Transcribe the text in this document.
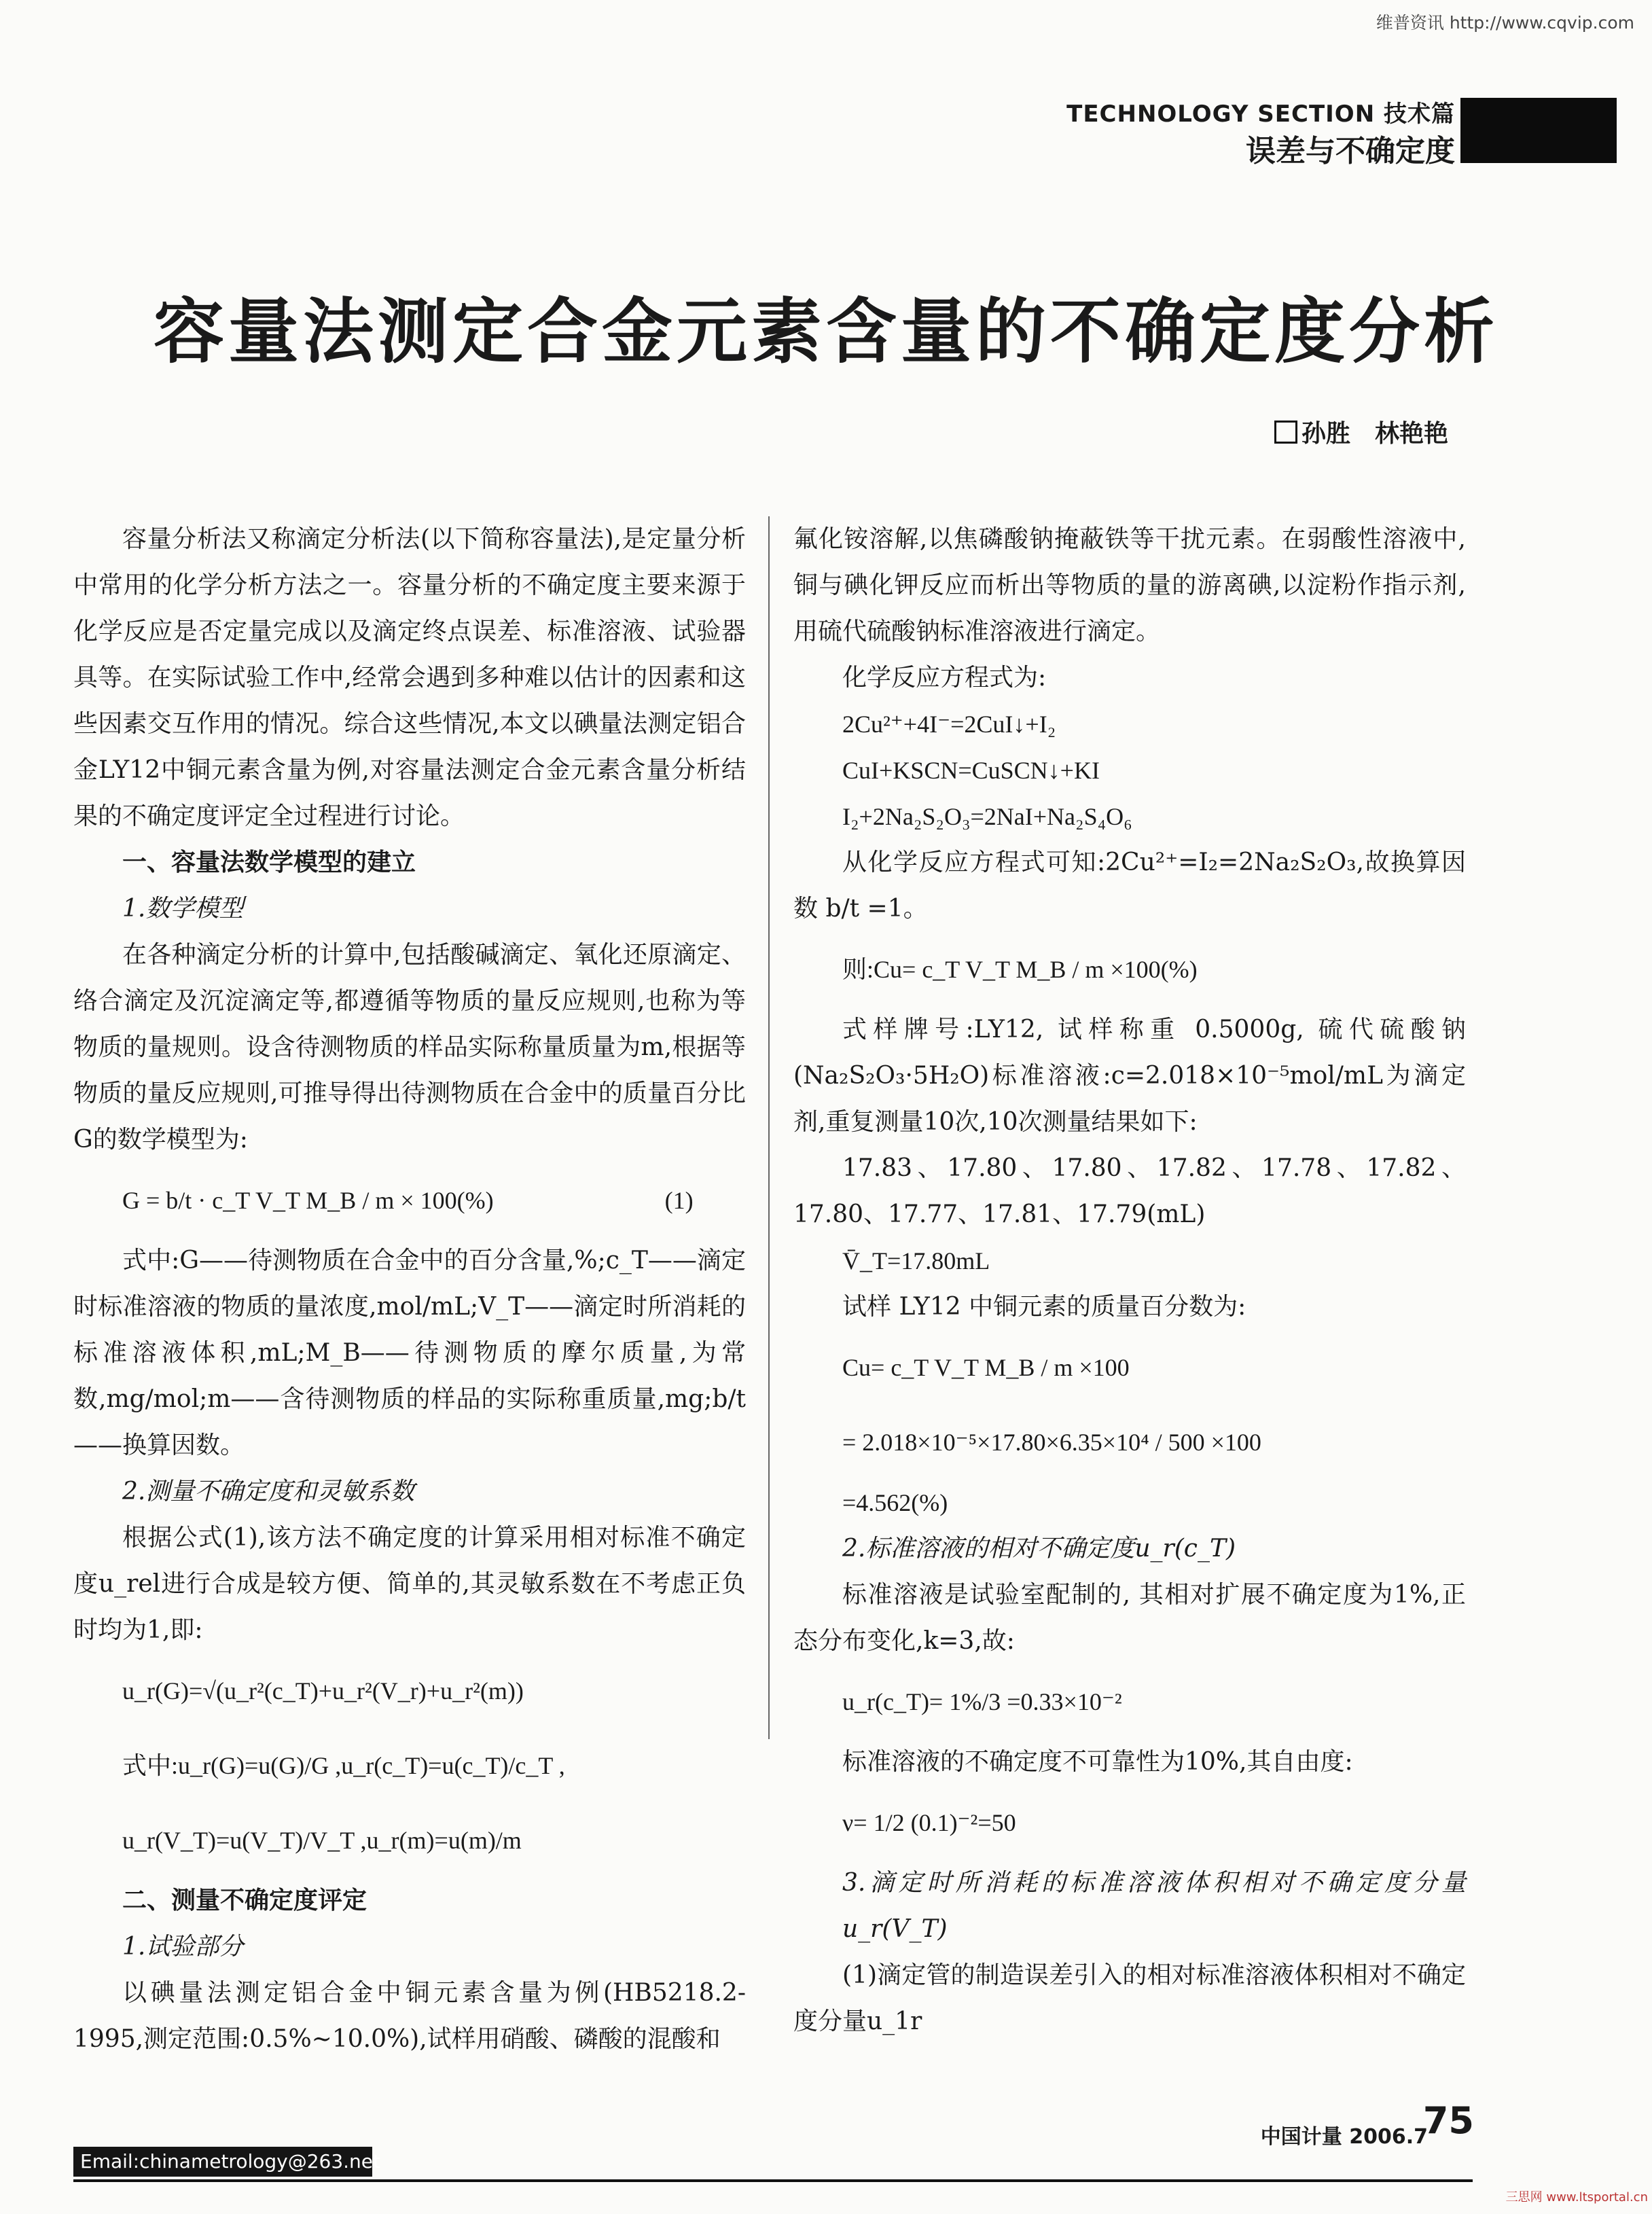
维普资讯 http://www.cqvip.com
TECHNOLOGY SECTION 技术篇
误差与不确定度
容量法测定合金元素含量的不确定度分析
孙胜　林艳艳

容量分析法又称滴定分析法(以下简称容量法),是定量分析中常用的化学分析方法之一。容量分析的不确定度主要来源于化学反应是否定量完成以及滴定终点误差、标准溶液、试验器具等。在实际试验工作中,经常会遇到多种难以估计的因素和这些因素交互作用的情况。综合这些情况,本文以碘量法测定铝合金LY12中铜元素含量为例,对容量法测定合金元素含量分析结果的不确定度评定全过程进行讨论。

一、容量法数学模型的建立

1.数学模型

在各种滴定分析的计算中,包括酸碱滴定、氧化还原滴定、络合滴定及沉淀滴定等,都遵循等物质的量反应规则,也称为等物质的量规则。设含待测物质的样品实际称量质量为m,根据等物质的量反应规则,可推导得出待测物质在合金中的质量百分比G的数学模型为:

G = b/t · c_T V_T M_B / m × 100(%)　　　　　　　(1)

式中:G——待测物质在合金中的百分含量,%;c_T——滴定时标准溶液的物质的量浓度,mol/mL;V_T——滴定时所消耗的标准溶液体积,mL;M_B——待测物质的摩尔质量,为常数,mg/mol;m——含待测物质的样品的实际称重质量,mg;b/t——换算因数。

2.测量不确定度和灵敏系数

根据公式(1),该方法不确定度的计算采用相对标准不确定度u_rel进行合成是较方便、简单的,其灵敏系数在不考虑正负时均为1,即:

u_r(G)=√(u_r²(c_T)+u_r²(V_r)+u_r²(m))

式中:u_r(G)=u(G)/G ,u_r(c_T)=u(c_T)/c_T ,

u_r(V_T)=u(V_T)/V_T ,u_r(m)=u(m)/m

二、测量不确定度评定

1.试验部分

以碘量法测定铝合金中铜元素含量为例(HB5218.2-1995,测定范围:0.5%~10.0%),试样用硝酸、磷酸的混酸和

氟化铵溶解,以焦磷酸钠掩蔽铁等干扰元素。在弱酸性溶液中,铜与碘化钾反应而析出等物质的量的游离碘,以淀粉作指示剂,用硫代硫酸钠标准溶液进行滴定。

化学反应方程式为:

2Cu²⁺+4I⁻=2CuI↓+I₂

CuI+KSCN=CuSCN↓+KI

I₂+2Na₂S₂O₃=2NaI+Na₂S₄O₆

从化学反应方程式可知:2Cu²⁺=I₂=2Na₂S₂O₃,故换算因数 b/t =1。

则:Cu= c_T V_T M_B / m ×100(%)

式样牌号:LY12, 试样称重 0.5000g, 硫代硫酸钠(Na₂S₂O₃·5H₂O)标准溶液:c=2.018×10⁻⁵mol/mL为滴定剂,重复测量10次,10次测量结果如下:

17.83、17.80、17.80、17.82、17.78、17.82、17.80、17.77、17.81、17.79(mL)

V̄_T=17.80mL

试样 LY12 中铜元素的质量百分数为:

Cu= c_T V_T M_B / m ×100

= 2.018×10⁻⁵×17.80×6.35×10⁴ / 500 ×100

=4.562(%)

2.标准溶液的相对不确定度u_r(c_T)

标准溶液是试验室配制的, 其相对扩展不确定度为1%,正态分布变化,k=3,故:

u_r(c_T)= 1%/3 =0.33×10⁻²

标准溶液的不确定度不可靠性为10%,其自由度:

ν= 1/2 (0.1)⁻²=50

3.滴定时所消耗的标准溶液体积相对不确定度分量u_r(V_T)

(1)滴定管的制造误差引入的相对标准溶液体积相对不确定度分量u_1r

中国计量 2006.7
75
Email:chinametrology@263.net
三思网 www.ltsportal.cn
